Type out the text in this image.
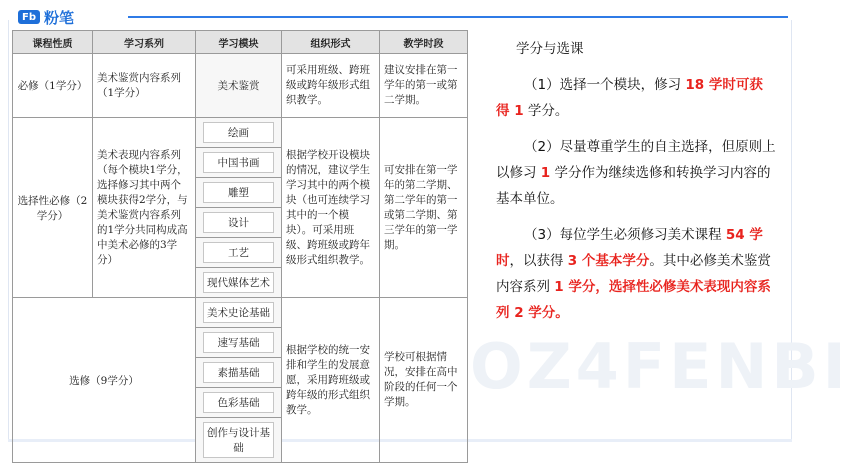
OZ4FENBI
Fb 粉笔
课程性质	学习系列	学习模块	组织形式	教学时段
必修（1学分）	美术鉴赏内容系列（1学分）	美术鉴赏	可采用班级、跨班级或跨年级形式组织教学。	建议安排在第一学年的第一或第二学期。
选择性必修（2学分）	美术表现内容系列（每个模块1学分，选择修习其中两个模块获得2学分，与美术鉴赏内容系列的1学分共同构成高中美术必修的3学分）	绘画	根据学校开设模块的情况，建议学生学习其中的两个模块（也可连续学习其中的一个模块）。可采用班级、跨班级或跨年级形式组织教学。	可安排在第一学年的第二学期、第二学年的第一或第二学期、第三学年的第一学期。

		中国书画		

		雕塑		

		设计		

		工艺		

		现代媒体艺术		

选修（9学分）		美术史论基础	根据学校的统一安排和学生的发展意愿，采用跨班级或跨年级的形式组织教学。	学校可根据情况，安排在高中阶段的任何一个学期。

		速写基础		

		素描基础		

		色彩基础		

		创作与设计基础		
学分与选课

（1）选择一个模块，修习 18 学时可获得 1 学分。

（2）尽量尊重学生的自主选择，但原则上以修习 1 学分作为继续选修和转换学习内容的基本单位。

（3）每位学生必须修习美术课程 54 学时，以获得 3 个基本学分。其中必修美术鉴赏内容系列 1 学分，选择性必修美术表现内容系列 2 学分。
